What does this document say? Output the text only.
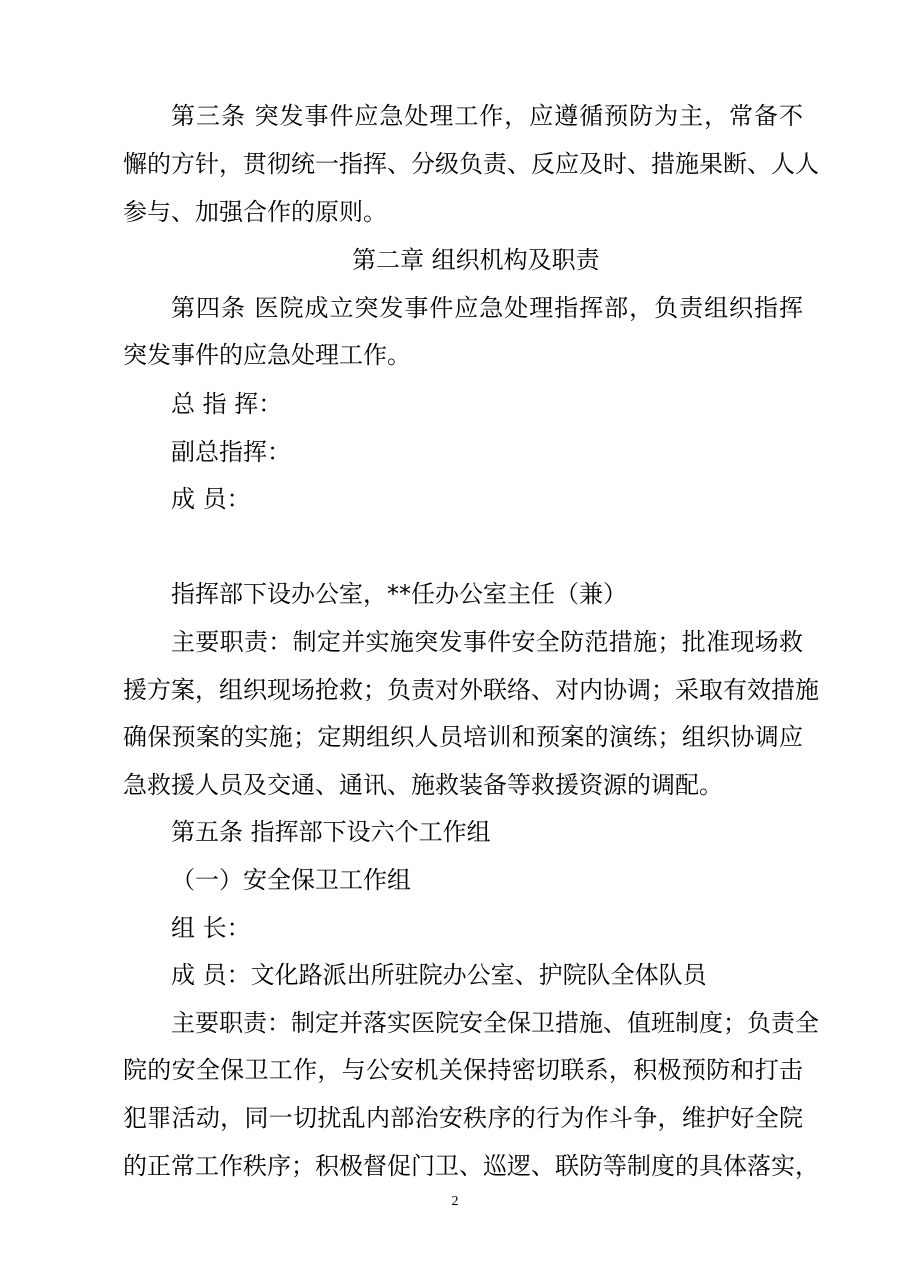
第三条 突发事件应急处理工作，应遵循预防为主，常备不
懈的方针，贯彻统一指挥、分级负责、反应及时、措施果断、人人
参与、加强合作的原则。
第二章 组织机构及职责
第四条 医院成立突发事件应急处理指挥部，负责组织指挥
突发事件的应急处理工作。
总 指 挥：
副总指挥：
成 员：
指挥部下设办公室，**任办公室主任（兼）
主要职责：制定并实施突发事件安全防范措施；批准现场救
援方案，组织现场抢救；负责对外联络、对内协调；采取有效措施
确保预案的实施；定期组织人员培训和预案的演练；组织协调应
急救援人员及交通、通讯、施救装备等救援资源的调配。
第五条 指挥部下设六个工作组
（一）安全保卫工作组
组 长：
成 员：文化路派出所驻院办公室、护院队全体队员
主要职责：制定并落实医院安全保卫措施、值班制度；负责全
院的安全保卫工作，与公安机关保持密切联系，积极预防和打击
犯罪活动，同一切扰乱内部治安秩序的行为作斗争，维护好全院
的正常工作秩序；积极督促门卫、巡逻、联防等制度的具体落实，
2
